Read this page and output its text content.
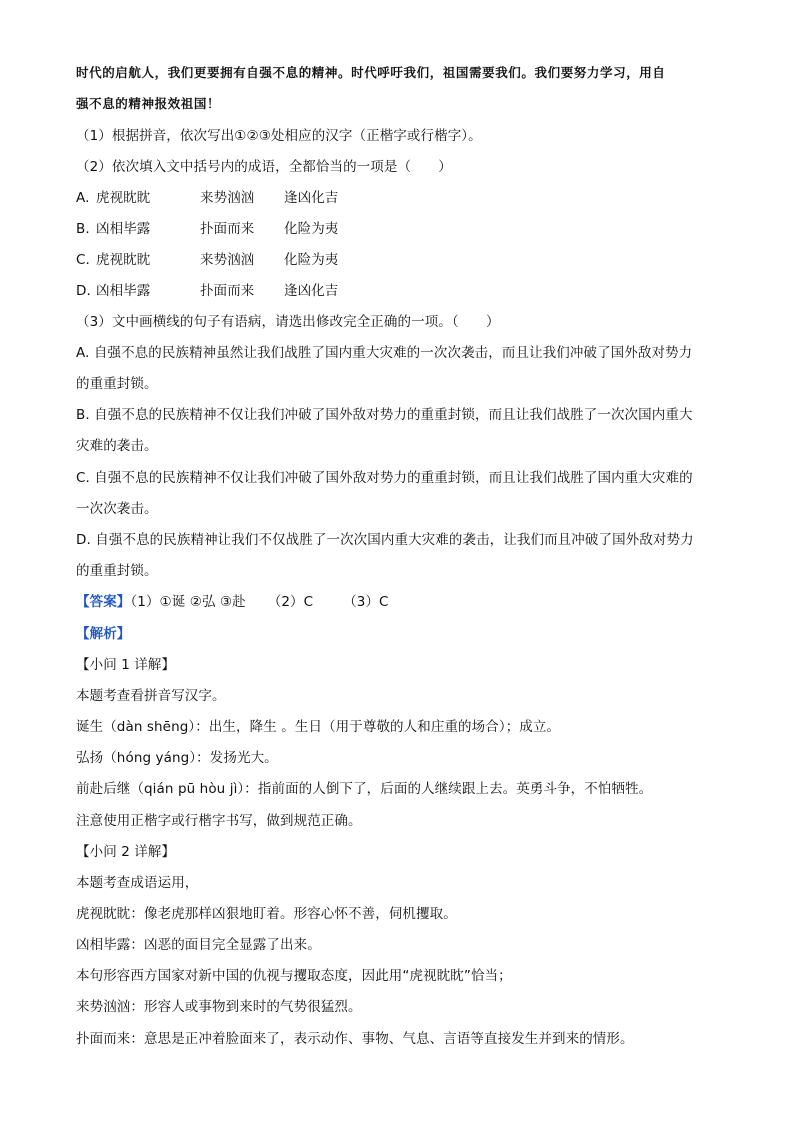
时代的启航人，我们更要拥有自强不息的精神。时代呼吁我们，祖国需要我们。我们要努力学习，用自
强不息的精神报效祖国！
（1）根据拼音，依次写出①②③处相应的汉字（正楷字或行楷字）。
（2）依次填入文中括号内的成语，全都恰当的一项是（　　）
A. 虎视眈眈	来势汹汹 逢凶化吉
B. 凶相毕露	扑面而来 化险为夷
C. 虎视眈眈	来势汹汹 化险为夷
D. 凶相毕露	扑面而来 逢凶化吉
（3）文中画横线的句子有语病，请选出修改完全正确的一项。（　　）
A. 自强不息的民族精神虽然让我们战胜了国内重大灾难的一次次袭击，而且让我们冲破了国外敌对势力
的重重封锁。
B. 自强不息的民族精神不仅让我们冲破了国外敌对势力的重重封锁，而且让我们战胜了一次次国内重大
灾难的袭击。
C. 自强不息的民族精神不仅让我们冲破了国外敌对势力的重重封锁，而且让我们战胜了国内重大灾难的
一次次袭击。
D. 自强不息的民族精神让我们不仅战胜了一次次国内重大灾难的袭击，让我们而且冲破了国外敌对势力
的重重封锁。
【答案】（1）①诞 ②弘 ③赴 （2）C （3）C
【解析】
【小问 1 详解】
本题考查看拼音写汉字。
诞生（dàn shēng）：出生，降生 。生日（用于尊敬的人和庄重的场合）；成立。
弘扬（hóng yáng）：发扬光大。
前赴后继（qián pū hòu jì）：指前面的人倒下了，后面的人继续跟上去。英勇斗争，不怕牺牲。
注意使用正楷字或行楷字书写，做到规范正确。
【小问 2 详解】
本题考查成语运用，
虎视眈眈：像老虎那样凶狠地盯着。形容心怀不善，伺机攫取。
凶相毕露：凶恶的面目完全显露了出来。
本句形容西方国家对新中国的仇视与攫取态度，因此用“虎视眈眈”恰当；
来势汹汹：形容人或事物到来时的气势很猛烈。
扑面而来：意思是正冲着脸面来了，表示动作、事物、气息、言语等直接发生并到来的情形。
